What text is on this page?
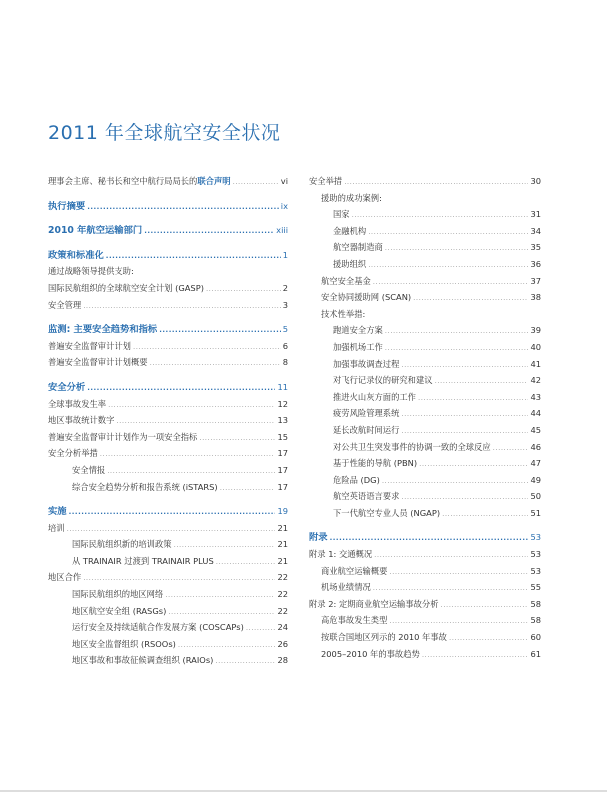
2011 年全球航空安全状况
理事会主席、秘书长和空中航行局局长的联合声明 .....	vi
执行摘要 .....	ix
2010 年航空运输部门 .....	xiii
政策和标准化 .....	1
通过战略领导提供支助:
国际民航组织的全球航空安全计划 (GASP) .....	2
安全管理 .....	3
监测: 主要安全趋势和指标 .....	5
普遍安全监督审计计划 .....	6
普遍安全监督审计计划概要 .....	8
安全分析 .....	11
全球事故发生率 .....	12
地区事故统计数字 .....	13
普遍安全监督审计计划作为一项安全指标 .....	15
安全分析举措 .....	17
安全情报 .....	17
综合安全趋势分析和报告系统 (iSTARS) .....	17
实施 .....	19
培训 .....	21
国际民航组织新的培训政策 .....	21
从 TRAINAIR 过渡到 TRAINAIR PLUS .....	21
地区合作 .....	22
国际民航组织的地区网络 .....	22
地区航空安全组 (RASGs) .....	22
运行安全及持续适航合作发展方案 (COSCAPs) .....	24
地区安全监督组织 (RSOOs) .....	26
地区事故和事故征候调查组织 (RAIOs) .....	28
安全举措 .....	30
援助的成功案例:
国家 .....	31
金融机构 .....	34
航空器制造商 .....	35
援助组织 .....	36
航空安全基金 .....	37
安全协同援助网 (SCAN) .....	38
技术性举措:
跑道安全方案 .....	39
加强机场工作 .....	40
加强事故调查过程 .....	41
对飞行记录仪的研究和建议 .....	42
推进火山灰方面的工作 .....	43
疲劳风险管理系统 .....	44
延长改航时间运行 .....	45
对公共卫生突发事件的协调一致的全球反应 .....	46
基于性能的导航 (PBN) .....	47
危险品 (DG) .....	49
航空英语语言要求 .....	50
下一代航空专业人员 (NGAP) .....	51
附录 .....	53
附录 1: 交通概况 .....	53
商业航空运输概要 .....	53
机场业绩情况 .....	55
附录 2: 定期商业航空运输事故分析 .....	58
高危事故发生类型 .....	58
按联合国地区列示的 2010 年事故 .....	60
2005–2010 年的事故趋势 .....	61
